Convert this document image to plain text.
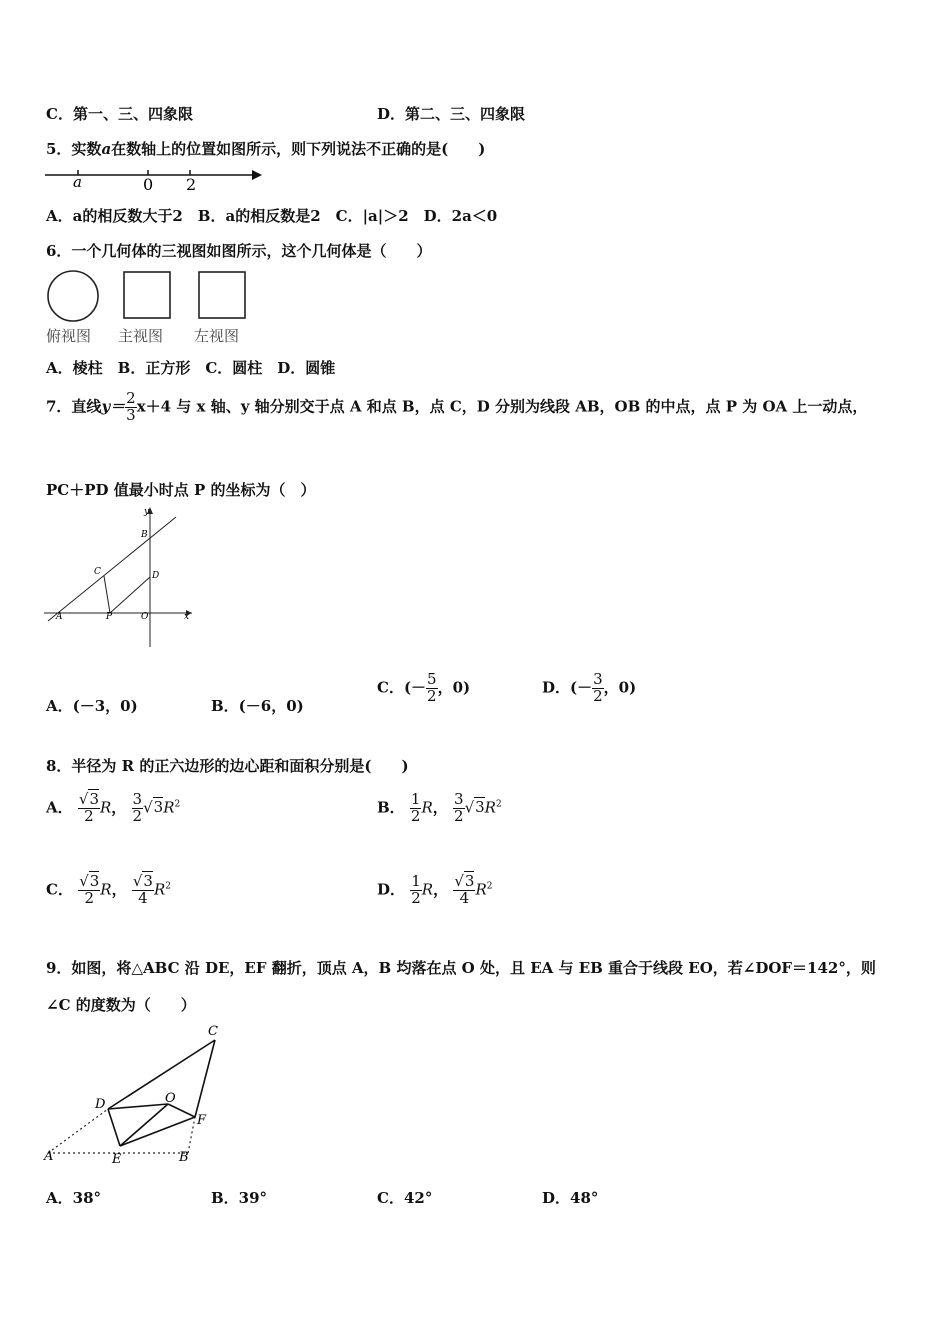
C．第一、三、四象限	D．第二、三、四象限
5．实数a在数轴上的位置如图所示，则下列说法不正确的是(　　)
a	0 2
A．a的相反数大于2　B．a的相反数是2　C．|a|＞2　D．2a＜0
6．一个几何体的三视图如图所示，这个几何体是（　　）
俯视图 主视图 左视图
A．棱柱　B．正方形　C．圆柱　D．圆锥
7．直线$y= \frac{2}{3} x+4$ 与 x 轴、y 轴分别交于点 A 和点 B，点 C，D 分别为线段 AB，OB 的中点，点 P 为 OA 上一动点，
PC＋PD 值最小时点 P 的坐标为（　）
y
x
B
C	D
A	P	O
A．(－3，0)	B．(－6，0)
C．(－ $\frac{5}{2}$ ，0)	D．(－ $\frac{3}{2}$ ，0)
8．半径为 R 的正六边形的边心距和面积分别是(　　)
A． $\frac{√3}{2}$ R， $\frac{3}{2} √3R^2$	B． $\frac{1}{2}$ R， $\frac{3}{2} √3R^2$
C． $\frac{√3}{2}$ R， $\frac{√3}{4} R^2$	D． $\frac{1}{2}$ R， $\frac{√3}{4} R^2$
9．如图，将△ABC 沿 DE，EF 翻折，顶点 A，B 均落在点 O 处，且 EA 与 EB 重合于线段 EO，若∠DOF＝142°，则
∠C 的度数为（　　）
C
D	O
F
A	E	B
A．38°	B．39°	C．42°	D．48°
